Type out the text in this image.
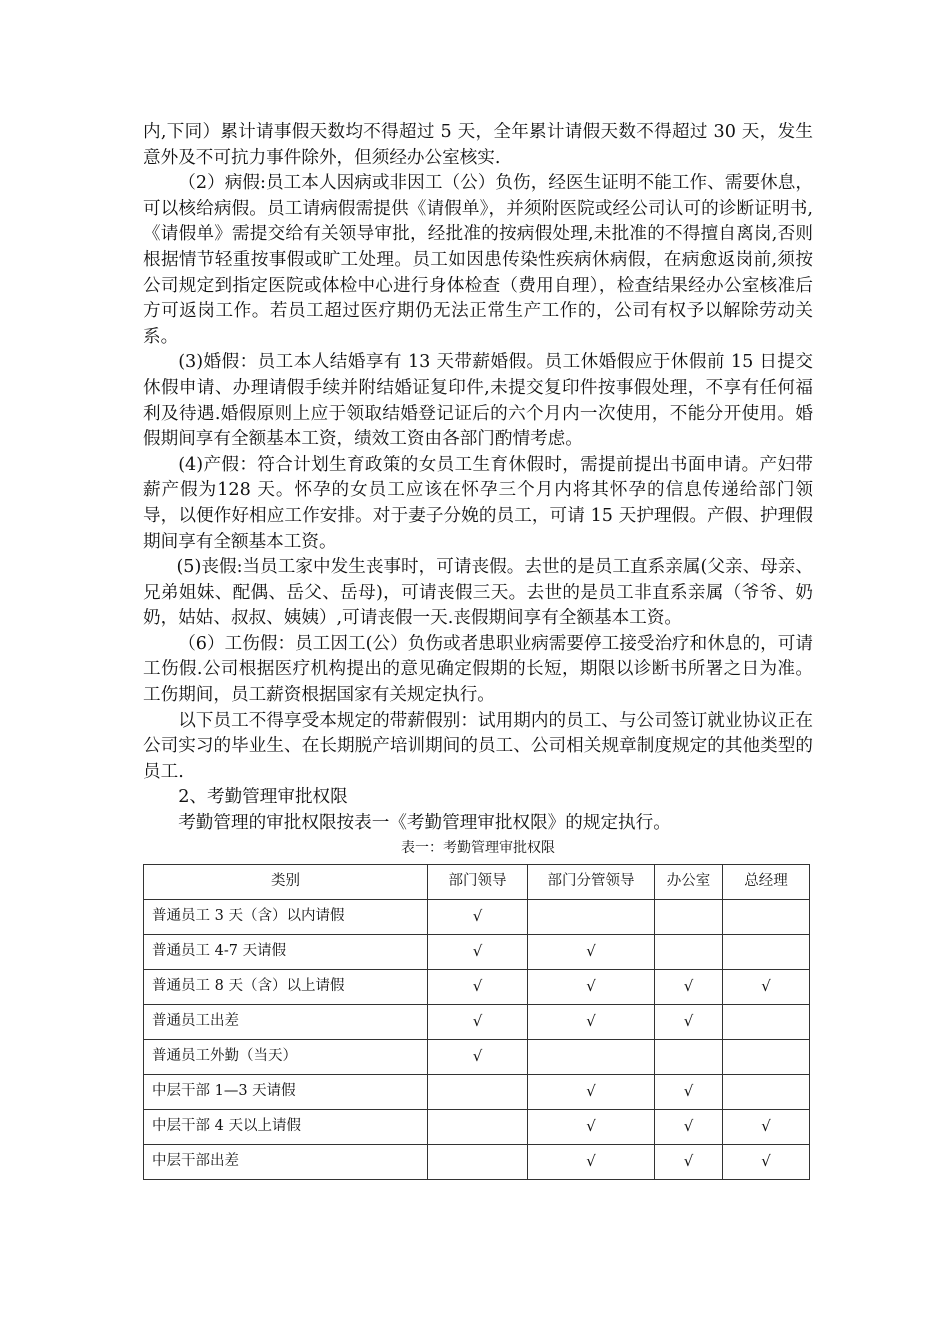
内,下同）累计请事假天数均不得超过 5 天，全年累计请假天数不得超过 30 天，发生意外及不可抗力事件除外，但须经办公室核实.

（2）病假:员工本人因病或非因工（公）负伤，经医生证明不能工作、需要休息，可以核给病假。员工请病假需提供《请假单》，并须附医院或经公司认可的诊断证明书,《请假单》需提交给有关领导审批，经批准的按病假处理,未批准的不得擅自离岗,否则根据情节轻重按事假或旷工处理。员工如因患传染性疾病休病假，在病愈返岗前,须按公司规定到指定医院或体检中心进行身体检查（费用自理），检查结果经办公室核准后方可返岗工作。若员工超过医疗期仍无法正常生产工作的，公司有权予以解除劳动关系。

(3)婚假：员工本人结婚享有 13 天带薪婚假。员工休婚假应于休假前 15 日提交休假申请、办理请假手续并附结婚证复印件,未提交复印件按事假处理，不享有任何福利及待遇.婚假原则上应于领取结婚登记证后的六个月内一次使用，不能分开使用。婚假期间享有全额基本工资，绩效工资由各部门酌情考虑。

(4)产假：符合计划生育政策的女员工生育休假时，需提前提出书面申请。产妇带薪产假为128 天。怀孕的女员工应该在怀孕三个月内将其怀孕的信息传递给部门领导，以便作好相应工作安排。对于妻子分娩的员工，可请 15 天护理假。产假、护理假期间享有全额基本工资。

(5)丧假:当员工家中发生丧事时，可请丧假。去世的是员工直系亲属(父亲、母亲、兄弟姐妹、配偶、岳父、岳母)，可请丧假三天。去世的是员工非直系亲属（爷爷、奶奶，姑姑、叔叔、姨姨）,可请丧假一天.丧假期间享有全额基本工资。

（6）工伤假：员工因工(公）负伤或者患职业病需要停工接受治疗和休息的，可请工伤假.公司根据医疗机构提出的意见确定假期的长短，期限以诊断书所署之日为准。工伤期间，员工薪资根据国家有关规定执行。

以下员工不得享受本规定的带薪假别：试用期内的员工、与公司签订就业协议正在公司实习的毕业生、在长期脱产培训期间的员工、公司相关规章制度规定的其他类型的员工.

2、考勤管理审批权限

考勤管理的审批权限按表一《考勤管理审批权限》的规定执行。

表一：考勤管理审批权限
类别	部门领导	部门分管领导	办公室	总经理
普通员工 3 天（含）以内请假	√			
普通员工 4-7 天请假	√	√		
普通员工 8 天（含）以上请假	√	√	√	√
普通员工出差	√	√	√	
普通员工外勤（当天）	√			
中层干部 1—3 天请假		√	√	
中层干部 4 天以上请假		√	√	√
中层干部出差		√	√	√
